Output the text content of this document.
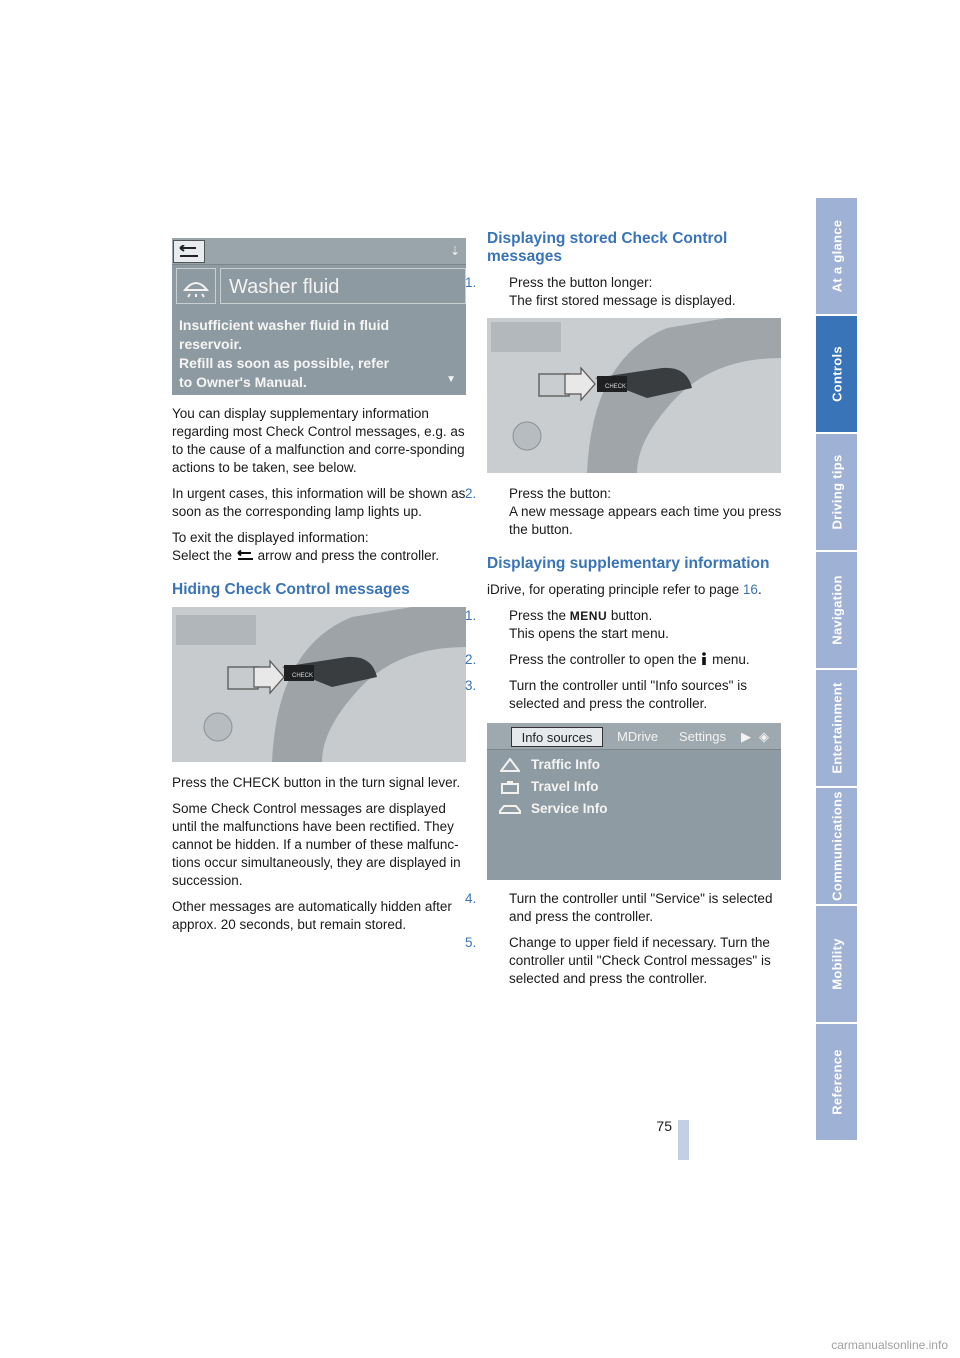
⇣
Washer fluid
Insufficient washer fluid in fluid
reservoir.
Refill as soon as possible, refer
to Owner's Manual.	▼

You can display supplementary information regarding most Check Control messages, e.g. as to the cause of a malfunction and corre-sponding actions to be taken, see below.

In urgent cases, this information will be shown as soon as the corresponding lamp lights up.

To exit the displayed information:
Select the arrow and press the controller.

Hiding Check Control messages
CHECK

Press the CHECK button in the turn signal lever.

Some Check Control messages are displayed until the malfunctions have been rectified. They cannot be hidden. If a number of these malfunc-tions occur simultaneously, they are displayed in succession.

Other messages are automatically hidden after approx. 20 seconds, but remain stored.

Displaying stored Check Control messages
1. Press the button longer:
The first stored message is displayed.
CHECK
2. Press the button:
A new message appears each time you press the button.
Displaying supplementary information

iDrive, for operating principle refer to page 16.

1. Press the MENU button.
This opens the start menu.
2. Press the controller to open the menu.
3. Turn the controller until "Info sources" is selected and press the controller.
Info sources	MDrive Settings ▶ ◈
Traffic Info
Travel Info
Service Info
4. Turn the controller until "Service" is selected and press the controller.
5. Change to upper field if necessary. Turn the controller until "Check Control messages" is selected and press the controller.
At a glance
Controls
Driving tips
Navigation
Entertainment
Communications
Mobility
Reference
75
carmanualsonline.info
